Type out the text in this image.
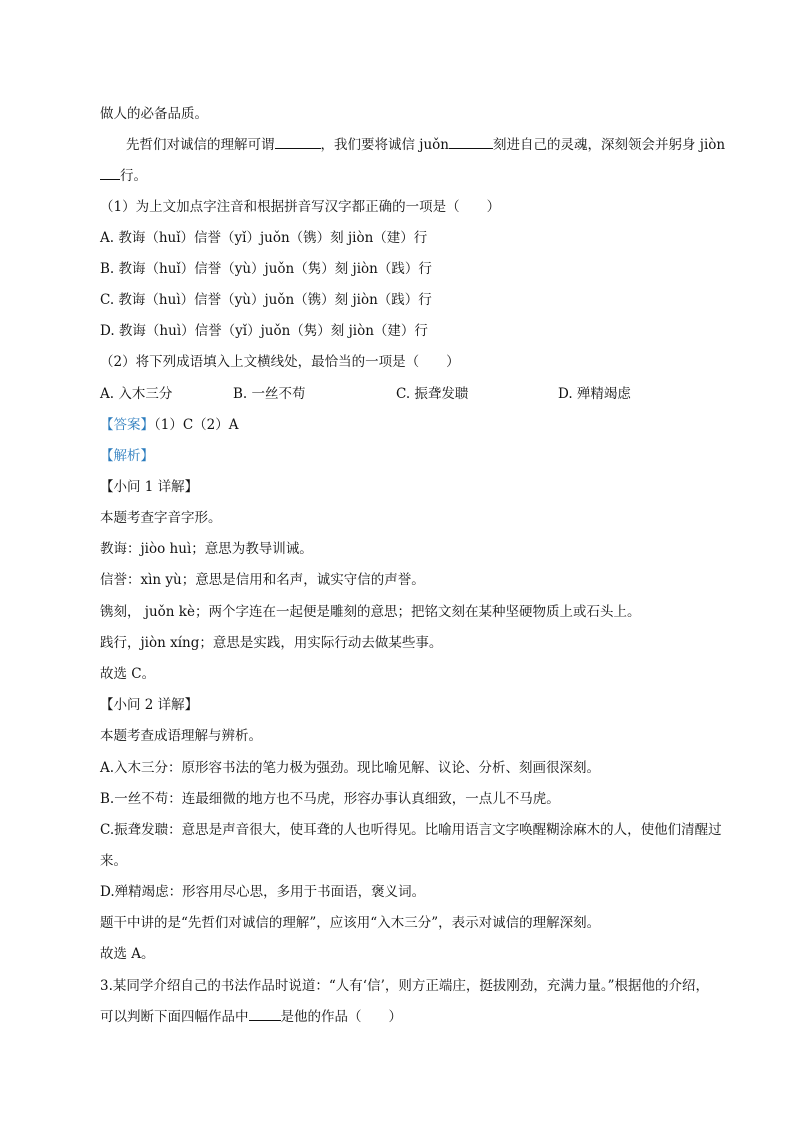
做人的必备品质。
先哲们对诚信的理解可谓	，我们要将诚信 juǒn	刻进自己的灵魂，深刻领会并躬身 jiòn
行。
（1）为上文加点字注音和根据拼音写汉字都正确的一项是（　　）
A. 教诲（huǐ）信誉（yǐ）juǒn（镌）刻 jiòn（建）行
B. 教诲（huǐ）信誉（yù）juǒn（隽）刻 jiòn（践）行
C. 教诲（huì）信誉（yù）juǒn（镌）刻 jiòn（践）行
D. 教诲（huì）信誉（yǐ）juǒn（隽）刻 jiòn（建）行
（2）将下列成语填入上文横线处，最恰当的一项是（　　）
A. 入木三分	B. 一丝不苟	C. 振聋发聩	D. 殚精竭虑
【答案】（1）C（2）A
【解析】
【小问 1 详解】
本题考查字音字形。
教诲：jiòo huì；意思为教导训诫。
信誉：xìn yù；意思是信用和名声，诚实守信的声誉。
镌刻， juǒn kè；两个字连在一起便是雕刻的意思；把铭文刻在某种坚硬物质上或石头上。
践行，jiòn xíng；意思是实践，用实际行动去做某些事。
故选 C。
【小问 2 详解】
本题考查成语理解与辨析。
A.入木三分：原形容书法的笔力极为强劲。现比喻见解、议论、分析、刻画很深刻。
B.一丝不苟：连最细微的地方也不马虎，形容办事认真细致，一点儿不马虎。
C.振聋发聩：意思是声音很大，使耳聋的人也听得见。比喻用语言文字唤醒糊涂麻木的人，使他们清醒过
来。
D.殚精竭虑：形容用尽心思，多用于书面语，褒义词。
题干中讲的是“先哲们对诚信的理解”，应该用“入木三分”，表示对诚信的理解深刻。
故选 A。
3.某同学介绍自己的书法作品时说道：“人有‘信’，则方正端庄，挺拔刚劲，充满力量。”根据他的介绍，
可以判断下面四幅作品中 是他的作品（　　）
